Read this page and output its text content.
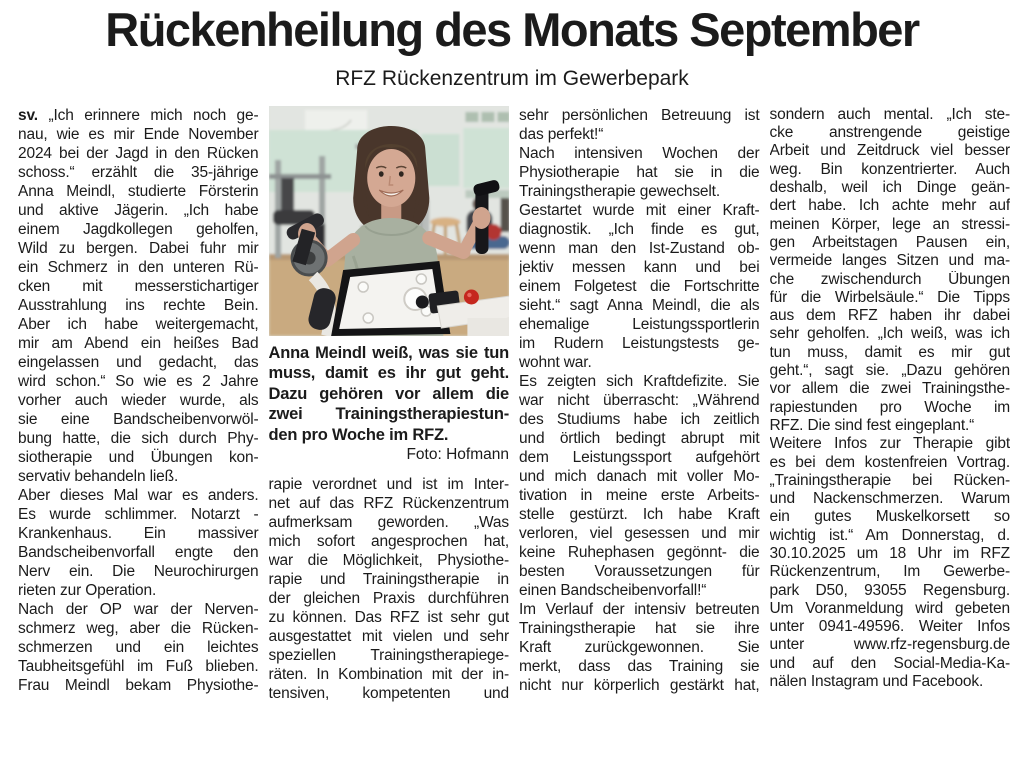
Rückenheilung des Monats September
RFZ Rückenzentrum im Gewerbepark
sv. „Ich erinnere mich noch ge-
nau, wie es mir Ende November
2024 bei der Jagd in den Rücken
schoss.“ erzählt die 35-jährige
Anna Meindl, studierte Försterin
und aktive Jägerin. „Ich habe
einem Jagdkollegen geholfen,
Wild zu bergen. Dabei fuhr mir
ein Schmerz in den unteren Rü-
cken mit messerstichartiger
Ausstrahlung ins rechte Bein.
Aber ich habe weitergemacht,
mir am Abend ein heißes Bad
eingelassen und gedacht, das
wird schon.“ So wie es 2 Jahre
vorher auch wieder wurde, als
sie eine Bandscheibenvorwöl-
bung hatte, die sich durch Phy-
siotherapie und Übungen kon-
servativ behandeln ließ.
Aber dieses Mal war es anders.
Es wurde schlimmer. Notarzt -
Krankenhaus. Ein massiver
Bandscheibenvorfall engte den
Nerv ein. Die Neurochirurgen
rieten zur Operation.
Nach der OP war der Nerven-
schmerz weg, aber die Rücken-
schmerzen und ein leichtes
Taubheitsgefühl im Fuß blieben.
Frau Meindl bekam Physiothe-
Anna Meindl weiß, was sie tun
muss, damit es ihr gut geht.
Dazu gehören vor allem die
zwei Trainingstherapiestun-
den pro Woche im RFZ.
Foto: Hofmann
rapie verordnet und ist im Inter-
net auf das RFZ Rückenzentrum
aufmerksam geworden. „Was
mich sofort angesprochen hat,
war die Möglichkeit, Physiothe-
rapie und Trainingstherapie in
der gleichen Praxis durchführen
zu können. Das RFZ ist sehr gut
ausgestattet mit vielen und sehr
speziellen Trainingstherapiege-
räten. In Kombination mit der in-
tensiven, kompetenten und
sehr persönlichen Betreuung ist
das perfekt!“
Nach intensiven Wochen der
Physiotherapie hat sie in die
Trainingstherapie gewechselt.
Gestartet wurde mit einer Kraft-
diagnostik. „Ich finde es gut,
wenn man den Ist-Zustand ob-
jektiv messen kann und bei
einem Folgetest die Fortschritte
sieht.“ sagt Anna Meindl, die als
ehemalige Leistungssportlerin
im Rudern Leistungstests ge-
wohnt war.
Es zeigten sich Kraftdefizite. Sie
war nicht überrascht: „Während
des Studiums habe ich zeitlich
und örtlich bedingt abrupt mit
dem Leistungssport aufgehört
und mich danach mit voller Mo-
tivation in meine erste Arbeits-
stelle gestürzt. Ich habe Kraft
verloren, viel gesessen und mir
keine Ruhephasen gegönnt- die
besten Voraussetzungen für
einen Bandscheibenvorfall!“
Im Verlauf der intensiv betreuten
Trainingstherapie hat sie ihre
Kraft zurückgewonnen. Sie
merkt, dass das Training sie
nicht nur körperlich gestärkt hat,
sondern auch mental. „Ich ste-
cke anstrengende geistige
Arbeit und Zeitdruck viel besser
weg. Bin konzentrierter. Auch
deshalb, weil ich Dinge geän-
dert habe. Ich achte mehr auf
meinen Körper, lege an stressi-
gen Arbeitstagen Pausen ein,
vermeide langes Sitzen und ma-
che zwischendurch Übungen
für die Wirbelsäule.“ Die Tipps
aus dem RFZ haben ihr dabei
sehr geholfen. „Ich weiß, was ich
tun muss, damit es mir gut
geht.“, sagt sie. „Dazu gehören
vor allem die zwei Trainingsthe-
rapiestunden pro Woche im
RFZ. Die sind fest eingeplant.“
Weitere Infos zur Therapie gibt
es bei dem kostenfreien Vortrag.
„Trainingstherapie bei Rücken-
und Nackenschmerzen. Warum
ein gutes Muskelkorsett so
wichtig ist.“ Am Donnerstag, d.
30.10.2025 um 18 Uhr im RFZ
Rückenzentrum, Im Gewerbe-
park D50, 93055 Regensburg.
Um Voranmeldung wird gebeten
unter 0941-49596. Weiter Infos
unter www.rfz-regensburg.de
und auf den Social-Media-Ka-
nälen Instagram und Facebook.
